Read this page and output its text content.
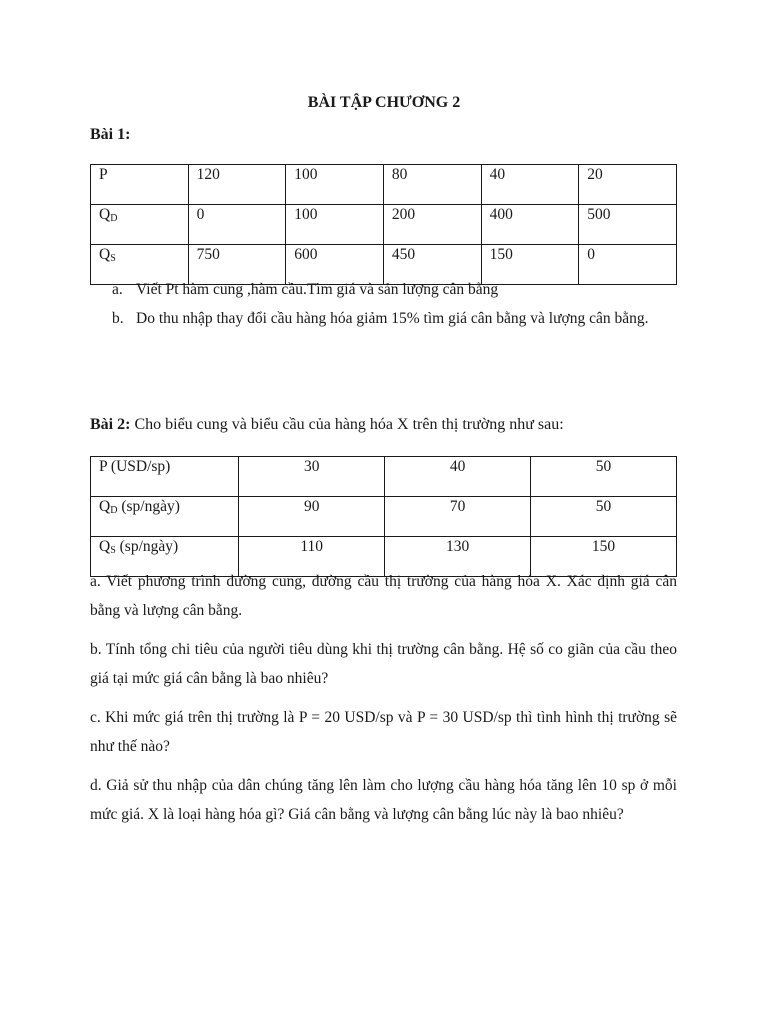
BÀI TẬP CHƯƠNG 2
Bài 1:
P	120	100	80	40	20
$Q_D$	0	100	200	400	500
$Q_S$	750	600	450	150	0
a. Viết Pt hàm cung ,hàm cầu.Tìm giá và sản lượng cân bằng
b. Do thu nhập thay đổi cầu hàng hóa giảm 15% tìm giá cân bằng và lượng cân bằng.
Bài 2: Cho biểu cung và biểu cầu của hàng hóa X trên thị trường như sau:
P (USD/sp)	30	40	50
$Q_D$ (sp/ngày)	90	70	50
$Q_S$ (sp/ngày)	110	130	150
a. Viết phương trình đường cung, đường cầu thị trường của hàng hóa X. Xác định giá cân bằng và lượng cân bằng.
b. Tính tổng chi tiêu của người tiêu dùng khi thị trường cân bằng. Hệ số co giãn của cầu theo giá tại mức giá cân bằng là bao nhiêu?
c. Khi mức giá trên thị trường là P = 20 USD/sp và P = 30 USD/sp thì tình hình thị trường sẽ như thế nào?
d. Giả sử thu nhập của dân chúng tăng lên làm cho lượng cầu hàng hóa tăng lên 10 sp ở mỗi mức giá. X là loại hàng hóa gì? Giá cân bằng và lượng cân bằng lúc này là bao nhiêu?
